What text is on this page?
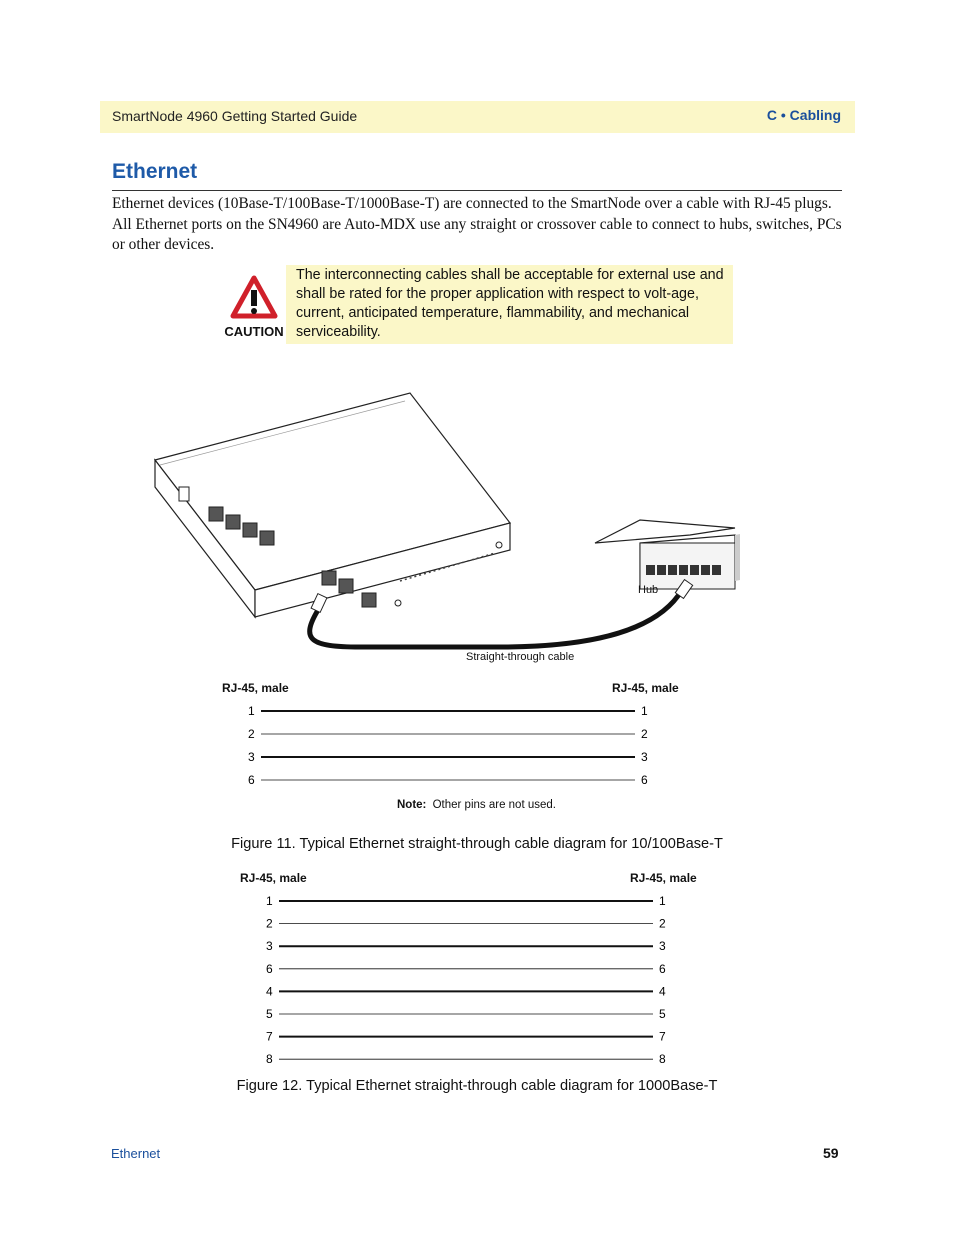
SmartNode 4960 Getting Started Guide	C • Cabling
Ethernet

Ethernet devices (10Base-T/100Base-T/1000Base-T) are connected to the SmartNode over a cable with RJ-45 plugs. All Ethernet ports on the SN4960 are Auto-MDX use any straight or crossover cable to connect to hubs, switches, PCs or other devices.

CAUTION
The interconnecting cables shall be acceptable for external use and shall be rated for the proper application with respect to volt-age, current, anticipated temperature, flammability, and mechanical serviceability.
Hub
Straight-through cable
RJ-45, male	RJ-45, male
1	1
2	2
3	3
6	6
Note: Other pins are not used.
Figure 11. Typical Ethernet straight-through cable diagram for 10/100Base-T
RJ-45, male	RJ-45, male
1	1
2	2
3	3
6	6
4	4
5	5
7	7
8	8
Figure 12. Typical Ethernet straight-through cable diagram for 1000Base-T
Ethernet	59
